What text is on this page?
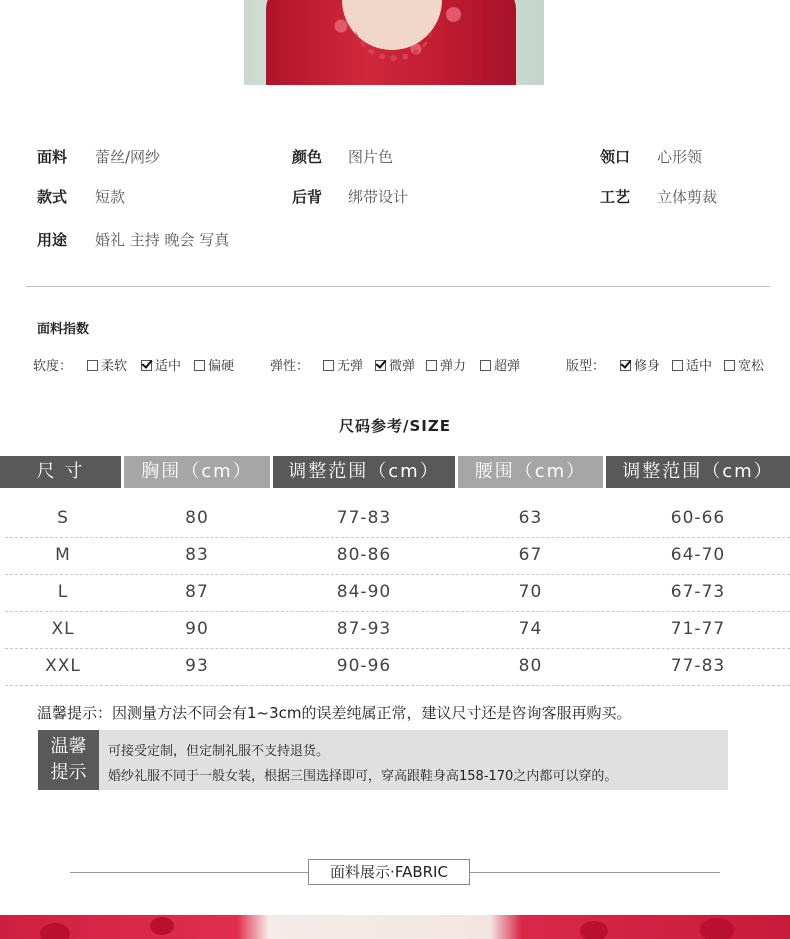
面料 蕾丝/网纱	颜色 图片色	领口 心形领
款式 短款	后背 绑带设计	工艺 立体剪裁
用途 婚礼 主持 晚会 写真
面料指数
软度：	柔软	适中	偏硬	弹性：	无弹	微弹	弹力	超弹	版型：	修身	适中	宽松
尺码参考/SIZE
尺 寸	胸围（cm）	调整范围（cm）	腰围（cm）	调整范围（cm）
S	80	77-83	63	60-66
M	83	80-86	67	64-70
L	87	84-90	70	67-73
XL	90	87-93	74	71-77
XXL	93	90-96	80	77-83
温馨提示：因测量方法不同会有1~3cm的误差纯属正常，建议尺寸还是咨询客服再购买。
温馨
提示
可接受定制，但定制礼服不支持退货。
婚纱礼服不同于一般女装，根据三围选择即可，穿高跟鞋身高158-170之内都可以穿的。
面料展示·FABRIC
